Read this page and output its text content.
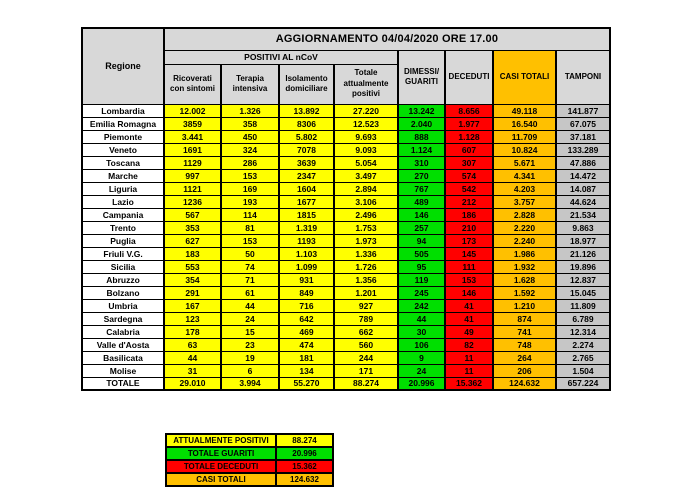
Regione	AGGIORNAMENTO 04/04/2020 ORE 17.00							
	POSITIVI AL nCoV				DIMESSI/ GUARITI	DECEDUTI	CASI TOTALI	TAMPONI
	Ricoverati con sintomi	Terapia intensiva	Isolamento domiciliare	Totale attualmente positivi				
Lombardia	12.002	1.326	13.892	27.220	13.242	8.656	49.118	141.877
Emilia Romagna	3859	358	8306	12.523	2.040	1.977	16.540	67.075
Piemonte	3.441	450	5.802	9.693	888	1.128	11.709	37.181
Veneto	1691	324	7078	9.093	1.124	607	10.824	133.289
Toscana	1129	286	3639	5.054	310	307	5.671	47.886
Marche	997	153	2347	3.497	270	574	4.341	14.472
Liguria	1121	169	1604	2.894	767	542	4.203	14.087
Lazio	1236	193	1677	3.106	489	212	3.757	44.624
Campania	567	114	1815	2.496	146	186	2.828	21.534
Trento	353	81	1.319	1.753	257	210	2.220	9.863
Puglia	627	153	1193	1.973	94	173	2.240	18.977
Friuli V.G.	183	50	1.103	1.336	505	145	1.986	21.126
Sicilia	553	74	1.099	1.726	95	111	1.932	19.896
Abruzzo	354	71	931	1.356	119	153	1.628	12.837
Bolzano	291	61	849	1.201	245	146	1.592	15.045
Umbria	167	44	716	927	242	41	1.210	11.809
Sardegna	123	24	642	789	44	41	874	6.789
Calabria	178	15	469	662	30	49	741	12.314
Valle d'Aosta	63	23	474	560	106	82	748	2.274
Basilicata	44	19	181	244	9	11	264	2.765
Molise	31	6	134	171	24	11	206	1.504
TOTALE	29.010	3.994	55.270	88.274	20.996	15.362	124.632	657.224
ATTUALMENTE POSITIVI	88.274
TOTALE GUARITI	20.996
TOTALE DECEDUTI	15.362
CASI TOTALI	124.632
